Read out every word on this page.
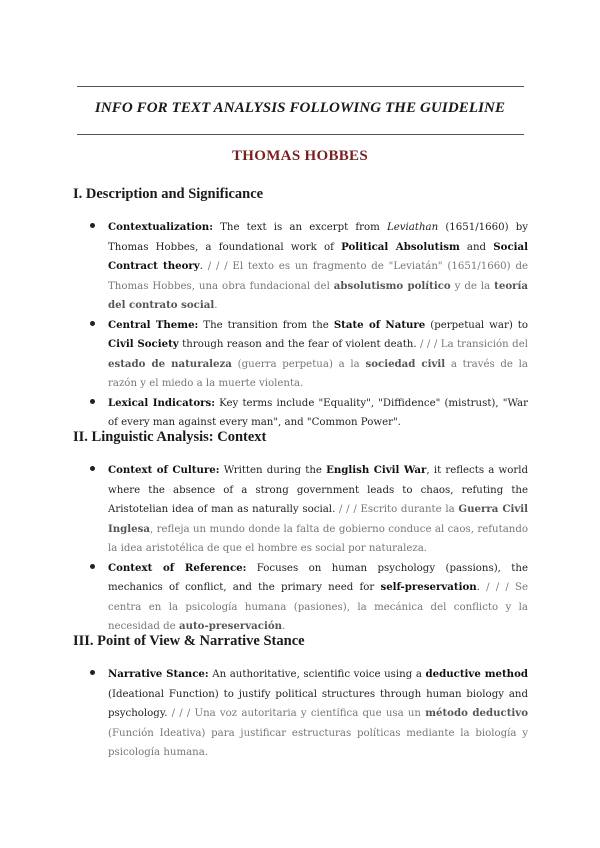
INFO FOR TEXT ANALYSIS FOLLOWING THE GUIDELINE
THOMAS HOBBES
I. Description and Significance
Contextualization: The text is an excerpt from Leviathan (1651/1660) by Thomas Hobbes, a foundational work of Political Absolutism and Social Contract theory. / / / El texto es un fragmento de "Leviatán" (1651/1660) de Thomas Hobbes, una obra fundacional del absolutismo político y de la teoría del contrato social.
Central Theme: The transition from the State of Nature (perpetual war) to Civil Society through reason and the fear of violent death. / / / La transición del estado de naturaleza (guerra perpetua) a la sociedad civil a través de la razón y el miedo a la muerte violenta.
Lexical Indicators: Key terms include "Equality", "Diffidence" (mistrust), "War of every man against every man", and "Common Power".
II. Linguistic Analysis: Context
Context of Culture: Written during the English Civil War, it reflects a world where the absence of a strong government leads to chaos, refuting the Aristotelian idea of man as naturally social. / / / Escrito durante la Guerra Civil Inglesa, refleja un mundo donde la falta de gobierno conduce al caos, refutando la idea aristotélica de que el hombre es social por naturaleza.
Context of Reference: Focuses on human psychology (passions), the mechanics of conflict, and the primary need for self-preservation. / / / Se centra en la psicología humana (pasiones), la mecánica del conflicto y la necesidad de auto-preservación.
III. Point of View & Narrative Stance
Narrative Stance: An authoritative, scientific voice using a deductive method (Ideational Function) to justify political structures through human biology and psychology. / / / Una voz autoritaria y científica que usa un método deductivo (Función Ideativa) para justificar estructuras políticas mediante la biología y psicología humana.
